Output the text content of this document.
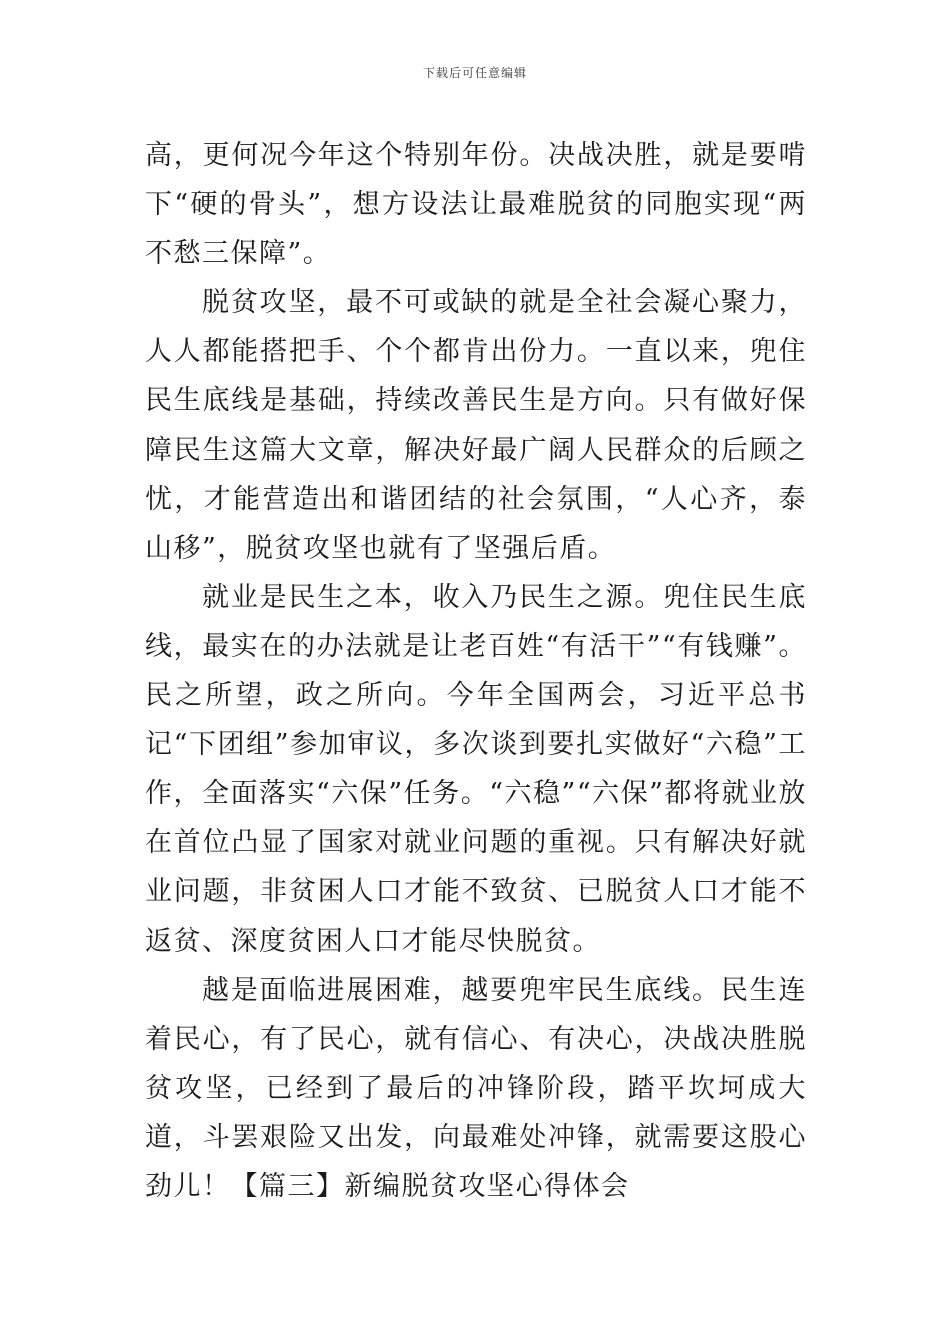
下载后可任意编辑

高，更何况今年这个特别年份。决战决胜，就是要啃下“硬的骨头”，想方设法让最难脱贫的同胞实现“两不愁三保障”。

脱贫攻坚，最不可或缺的就是全社会凝心聚力，人人都能搭把手、个个都肯出份力。一直以来，兜住民生底线是基础，持续改善民生是方向。只有做好保障民生这篇大文章，解决好最广阔人民群众的后顾之忧，才能营造出和谐团结的社会氛围，“人心齐，泰山移”，脱贫攻坚也就有了坚强后盾。

就业是民生之本，收入乃民生之源。兜住民生底线，最实在的办法就是让老百姓“有活干”“有钱赚”。民之所望，政之所向。今年全国两会，习近平总书记“下团组”参加审议，多次谈到要扎实做好“六稳”工作，全面落实“六保”任务。“六稳”“六保”都将就业放在首位凸显了国家对就业问题的重视。只有解决好就业问题，非贫困人口才能不致贫、已脱贫人口才能不返贫、深度贫困人口才能尽快脱贫。

越是面临进展困难，越要兜牢民生底线。民生连着民心，有了民心，就有信心、有决心，决战决胜脱贫攻坚，已经到了最后的冲锋阶段，踏平坎坷成大道，斗罢艰险又出发，向最难处冲锋，就需要这股心劲儿！【篇三】新编脱贫攻坚心得体会
